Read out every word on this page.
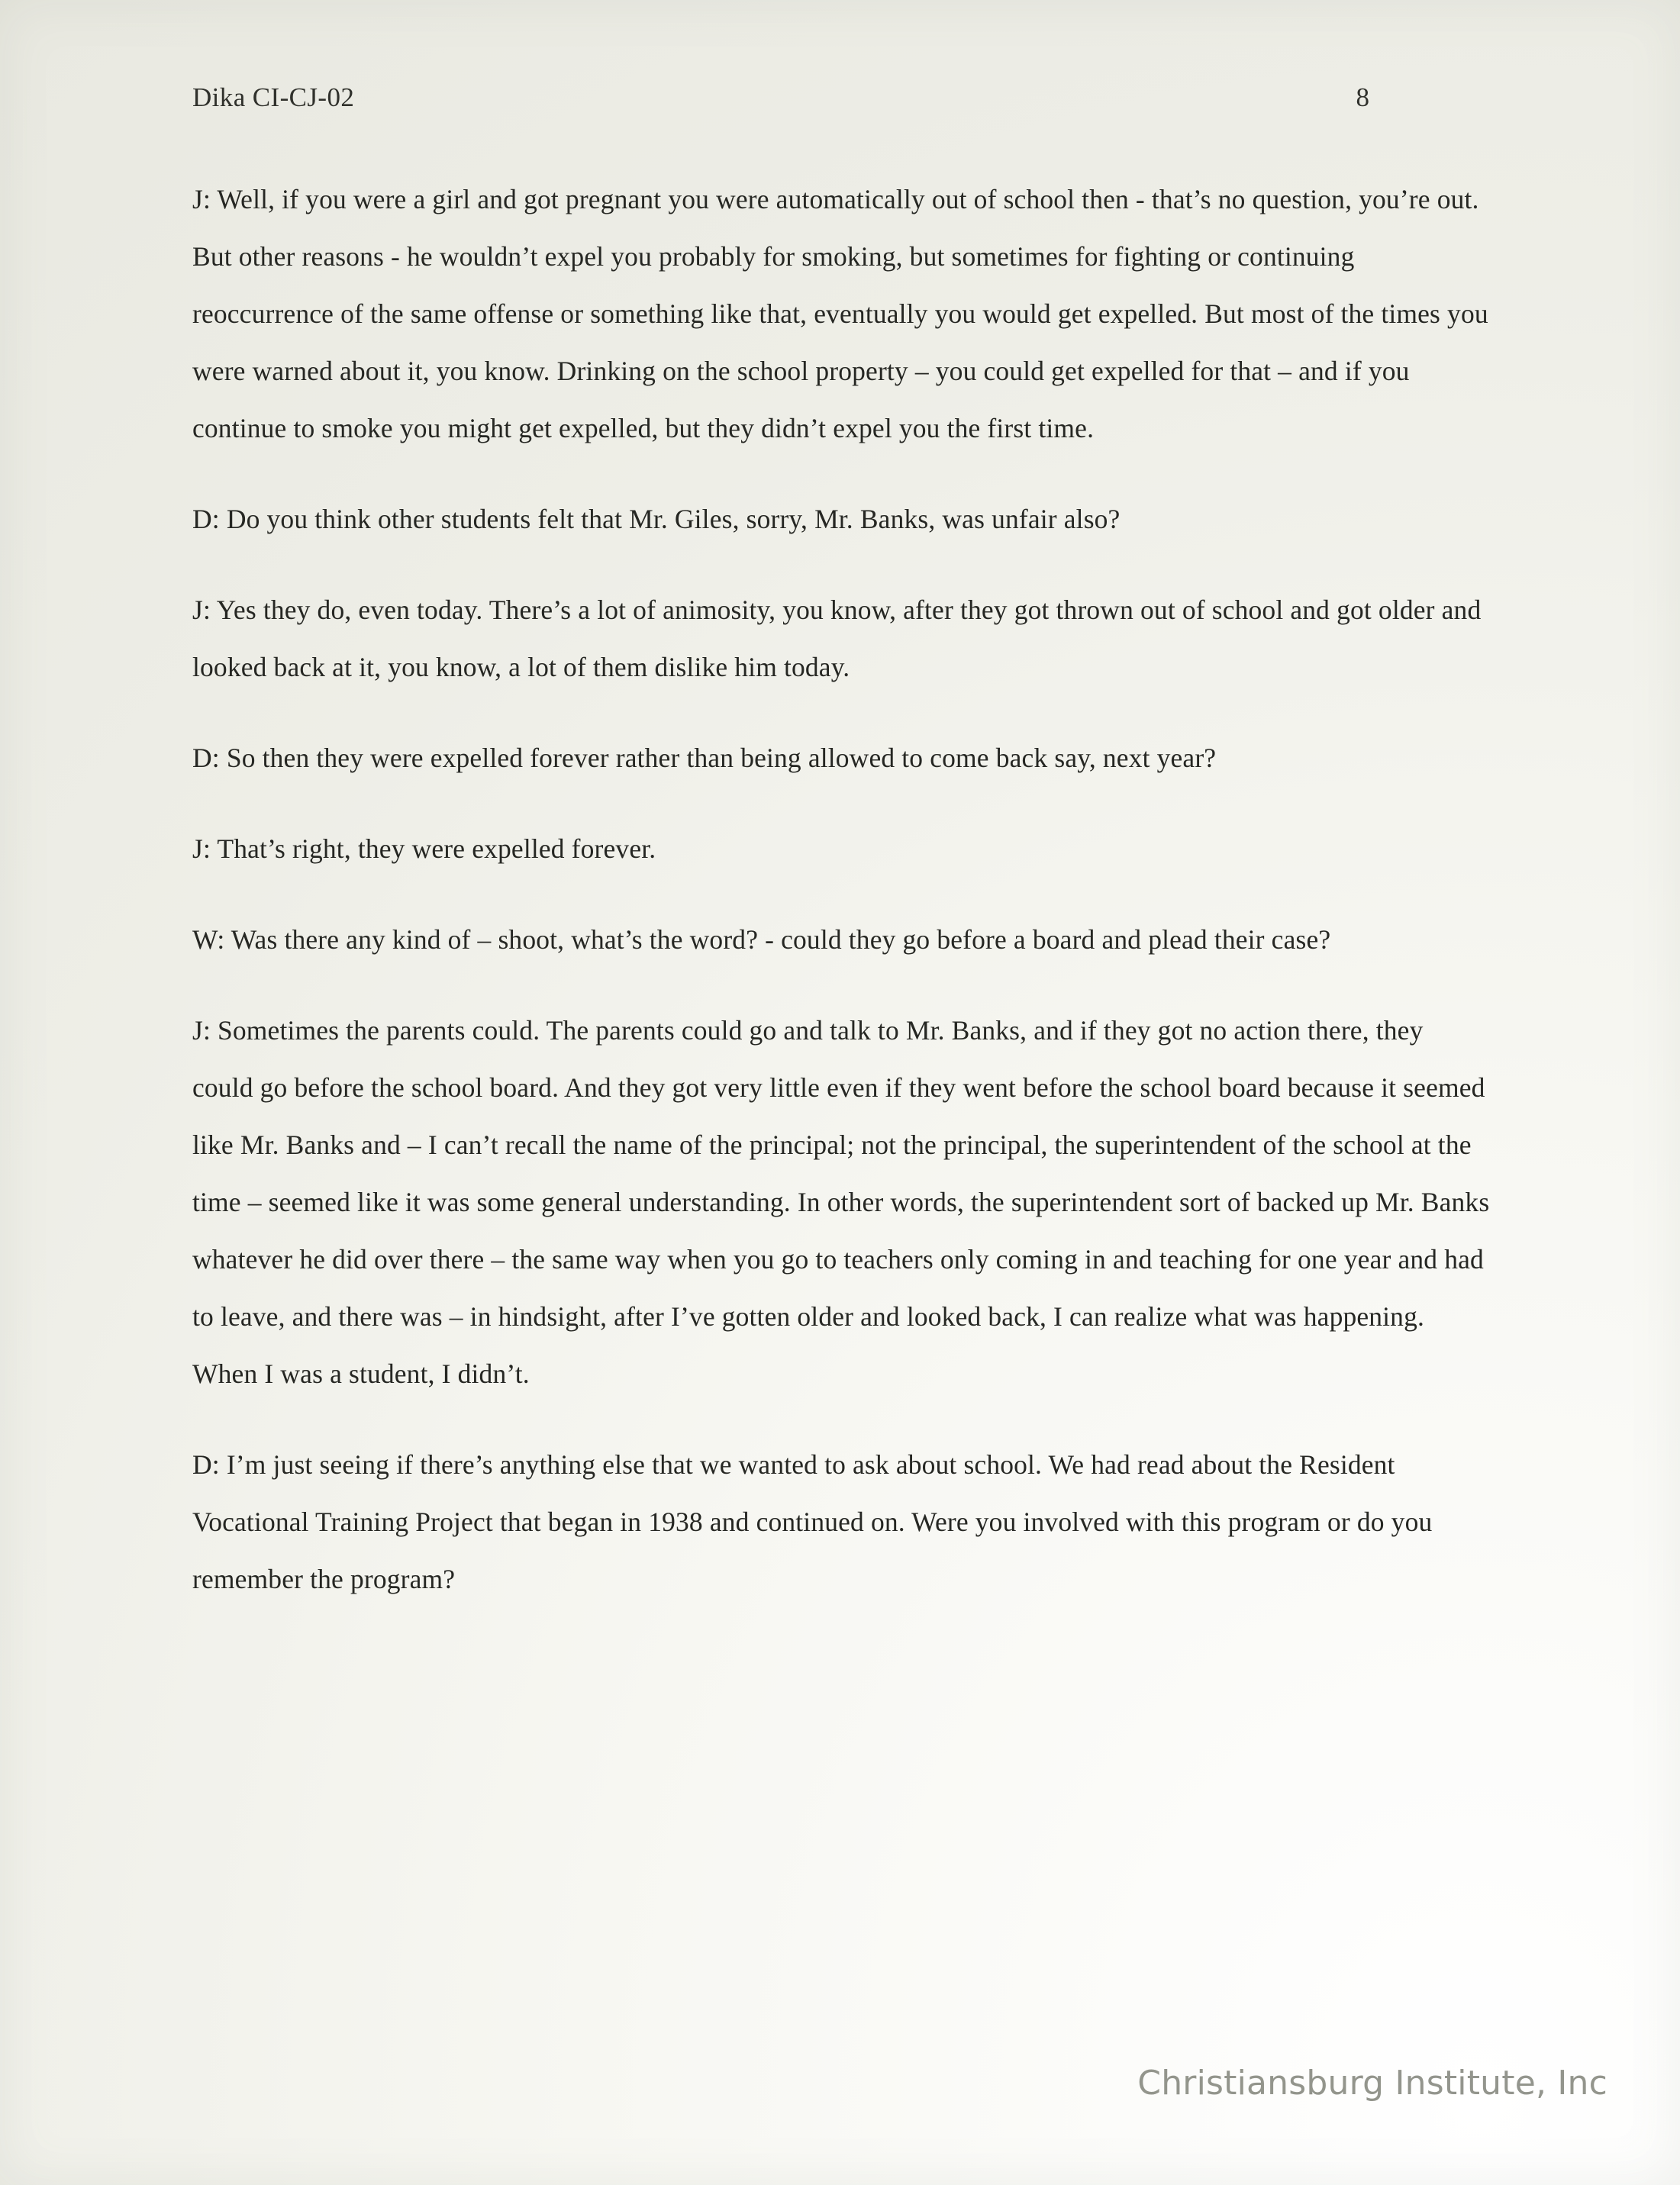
Dika CI-CJ-02	8

J: Well, if you were a girl and got pregnant you were automatically out of school then - that’s no question, you’re out. But other reasons - he wouldn’t expel you probably for smoking, but sometimes for fighting or continuing reoccurrence of the same offense or something like that, eventually you would get expelled. But most of the times you were warned about it, you know. Drinking on the school property – you could get expelled for that – and if you continue to smoke you might get expelled, but they didn’t expel you the first time.

D: Do you think other students felt that Mr. Giles, sorry, Mr. Banks, was unfair also?

J: Yes they do, even today. There’s a lot of animosity, you know, after they got thrown out of school and got older and looked back at it, you know, a lot of them dislike him today.

D: So then they were expelled forever rather than being allowed to come back say, next year?

J: That’s right, they were expelled forever.

W: Was there any kind of – shoot, what’s the word? - could they go before a board and plead their case?

J: Sometimes the parents could. The parents could go and talk to Mr. Banks, and if they got no action there, they could go before the school board. And they got very little even if they went before the school board because it seemed like Mr. Banks and – I can’t recall the name of the principal; not the principal, the superintendent of the school at the time – seemed like it was some general understanding. In other words, the superintendent sort of backed up Mr. Banks whatever he did over there – the same way when you go to teachers only coming in and teaching for one year and had to leave, and there was – in hindsight, after I’ve gotten older and looked back, I can realize what was happening. When I was a student, I didn’t.

D: I’m just seeing if there’s anything else that we wanted to ask about school. We had read about the Resident Vocational Training Project that began in 1938 and continued on. Were you involved with this program or do you remember the program?

Christiansburg Institute, Inc
